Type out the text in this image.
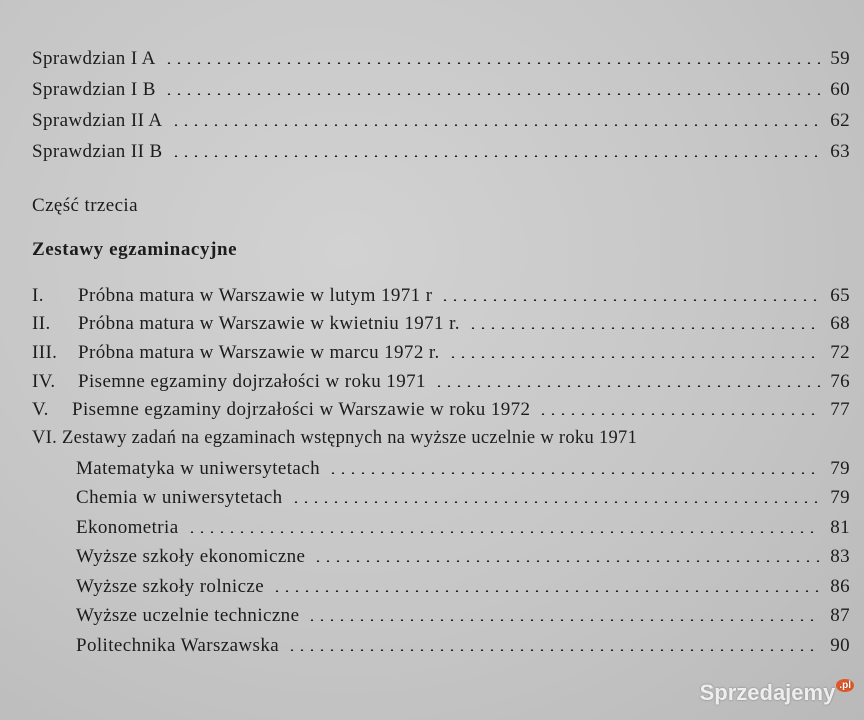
Sprawdzian I A	59
Sprawdzian I B	60
Sprawdzian II A	62
Sprawdzian II B	63
Część trzecia
Zestawy egzaminacyjne
I.	Próbna matura w Warszawie w lutym 1971 r	65
II.	Próbna matura w Warszawie w kwietniu 1971 r.	68
III.	Próbna matura w Warszawie w marcu 1972 r.	72
IV.	Pisemne egzaminy dojrzałości w roku 1971	76
V.	Pisemne egzaminy dojrzałości w Warszawie w roku 1972	77
VI. Zestawy zadań na egzaminach wstępnych na wyższe uczelnie w roku 1971
Matematyka w uniwersytetach	79
Chemia w uniwersytetach	79
Ekonometria	81
Wyższe szkoły ekonomiczne	83
Wyższe szkoły rolnicze	86
Wyższe uczelnie techniczne	87
Politechnika Warszawska	90
Sprzedajemy $^{.pl}$
